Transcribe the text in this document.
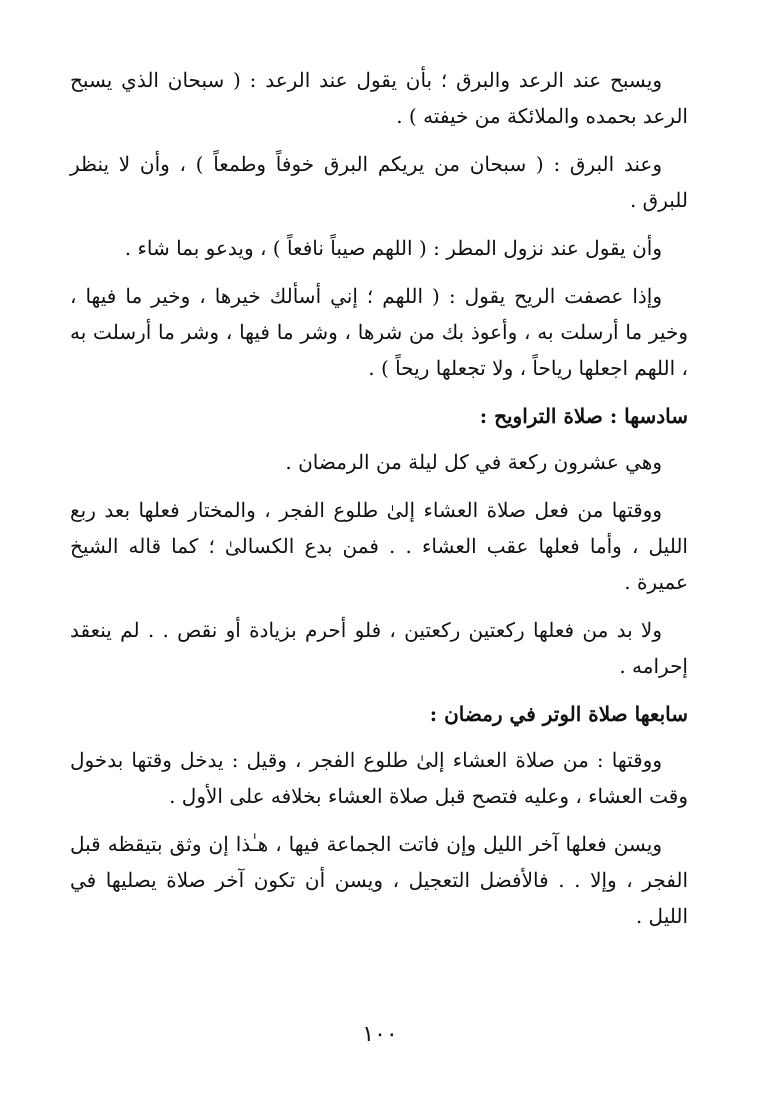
ويسبح عند الرعد والبرق ؛ بأن يقول عند الرعد : ( سبحان الذي يسبح الرعد بحمده والملائكة من خيفته ) .

وعند البرق : ( سبحان من يريكم البرق خوفاً وطمعاً ) ، وأن لا ينظر للبرق .

وأن يقول عند نزول المطر : ( اللهم صيباً نافعاً ) ، ويدعو بما شاء .

وإذا عصفت الريح يقول : ( اللهم ؛ إني أسألك خيرها ، وخير ما فيها ، وخير ما أرسلت به ، وأعوذ بك من شرها ، وشر ما فيها ، وشر ما أرسلت به ، اللهم اجعلها رياحاً ، ولا تجعلها ريحاً ) .

سادسها : صلاة التراويح :

وهي عشرون ركعة في كل ليلة من الرمضان .

ووقتها من فعل صلاة العشاء إلىٰ طلوع الفجر ، والمختار فعلها بعد ربع الليل ، وأما فعلها عقب العشاء . . فمن بدع الكسالىٰ ؛ كما قاله الشيخ عميرة .

ولا بد من فعلها ركعتين ركعتين ، فلو أحرم بزيادة أو نقص . . لم ينعقد إحرامه .

سابعها صلاة الوتر في رمضان :

ووقتها : من صلاة العشاء إلىٰ طلوع الفجر ، وقيل : يدخل وقتها بدخول وقت العشاء ، وعليه فتصح قبل صلاة العشاء بخلافه على الأول .

ويسن فعلها آخر الليل وإن فاتت الجماعة فيها ، هـٰذا إن وثق بتيقظه قبل الفجر ، وإلا . . فالأفضل التعجيل ، ويسن أن تكون آخر صلاة يصليها في الليل .

١٠٠
